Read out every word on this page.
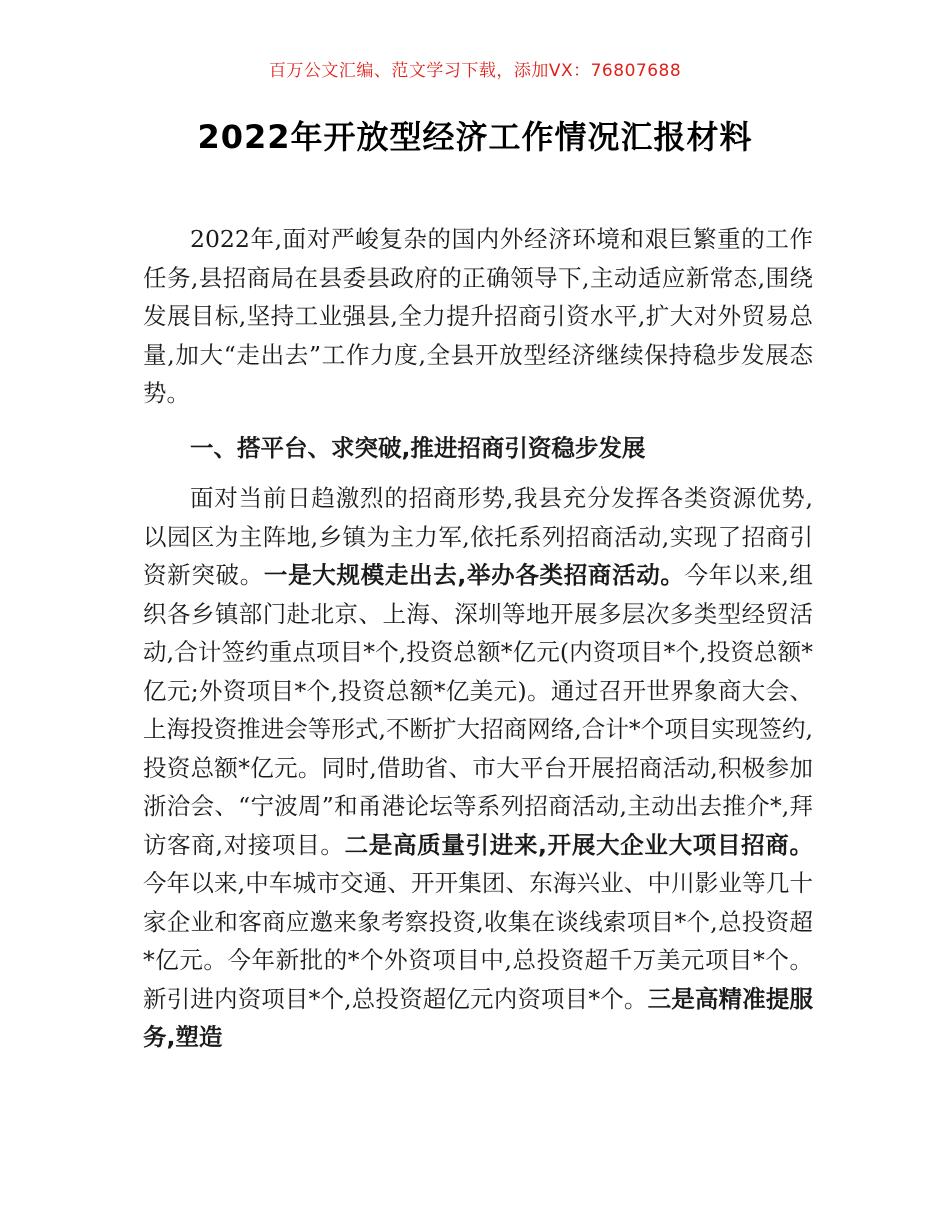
百万公文汇编、范文学习下载，添加VX：76807688
2022年开放型经济工作情况汇报材料

2022年,面对严峻复杂的国内外经济环境和艰巨繁重的工作任务,县招商局在县委县政府的正确领导下,主动适应新常态,围绕发展目标,坚持工业强县,全力提升招商引资水平,扩大对外贸易总量,加大“走出去”工作力度,全县开放型经济继续保持稳步发展态势。

一、搭平台、求突破,推进招商引资稳步发展

面对当前日趋激烈的招商形势,我县充分发挥各类资源优势,以园区为主阵地,乡镇为主力军,依托系列招商活动,实现了招商引资新突破。一是大规模走出去,举办各类招商活动。今年以来,组织各乡镇部门赴北京、上海、深圳等地开展多层次多类型经贸活动,合计签约重点项目*个,投资总额*亿元(内资项目*个,投资总额*亿元;外资项目*个,投资总额*亿美元)。通过召开世界象商大会、上海投资推进会等形式,不断扩大招商网络,合计*个项目实现签约,投资总额*亿元。同时,借助省、市大平台开展招商活动,积极参加浙洽会、“宁波周”和甬港论坛等系列招商活动,主动出去推介*,拜访客商,对接项目。二是高质量引进来,开展大企业大项目招商。今年以来,中车城市交通、开开集团、东海兴业、中川影业等几十家企业和客商应邀来象考察投资,收集在谈线索项目*个,总投资超*亿元。今年新批的*个外资项目中,总投资超千万美元项目*个。新引进内资项目*个,总投资超亿元内资项目*个。三是高精准提服务,塑造
